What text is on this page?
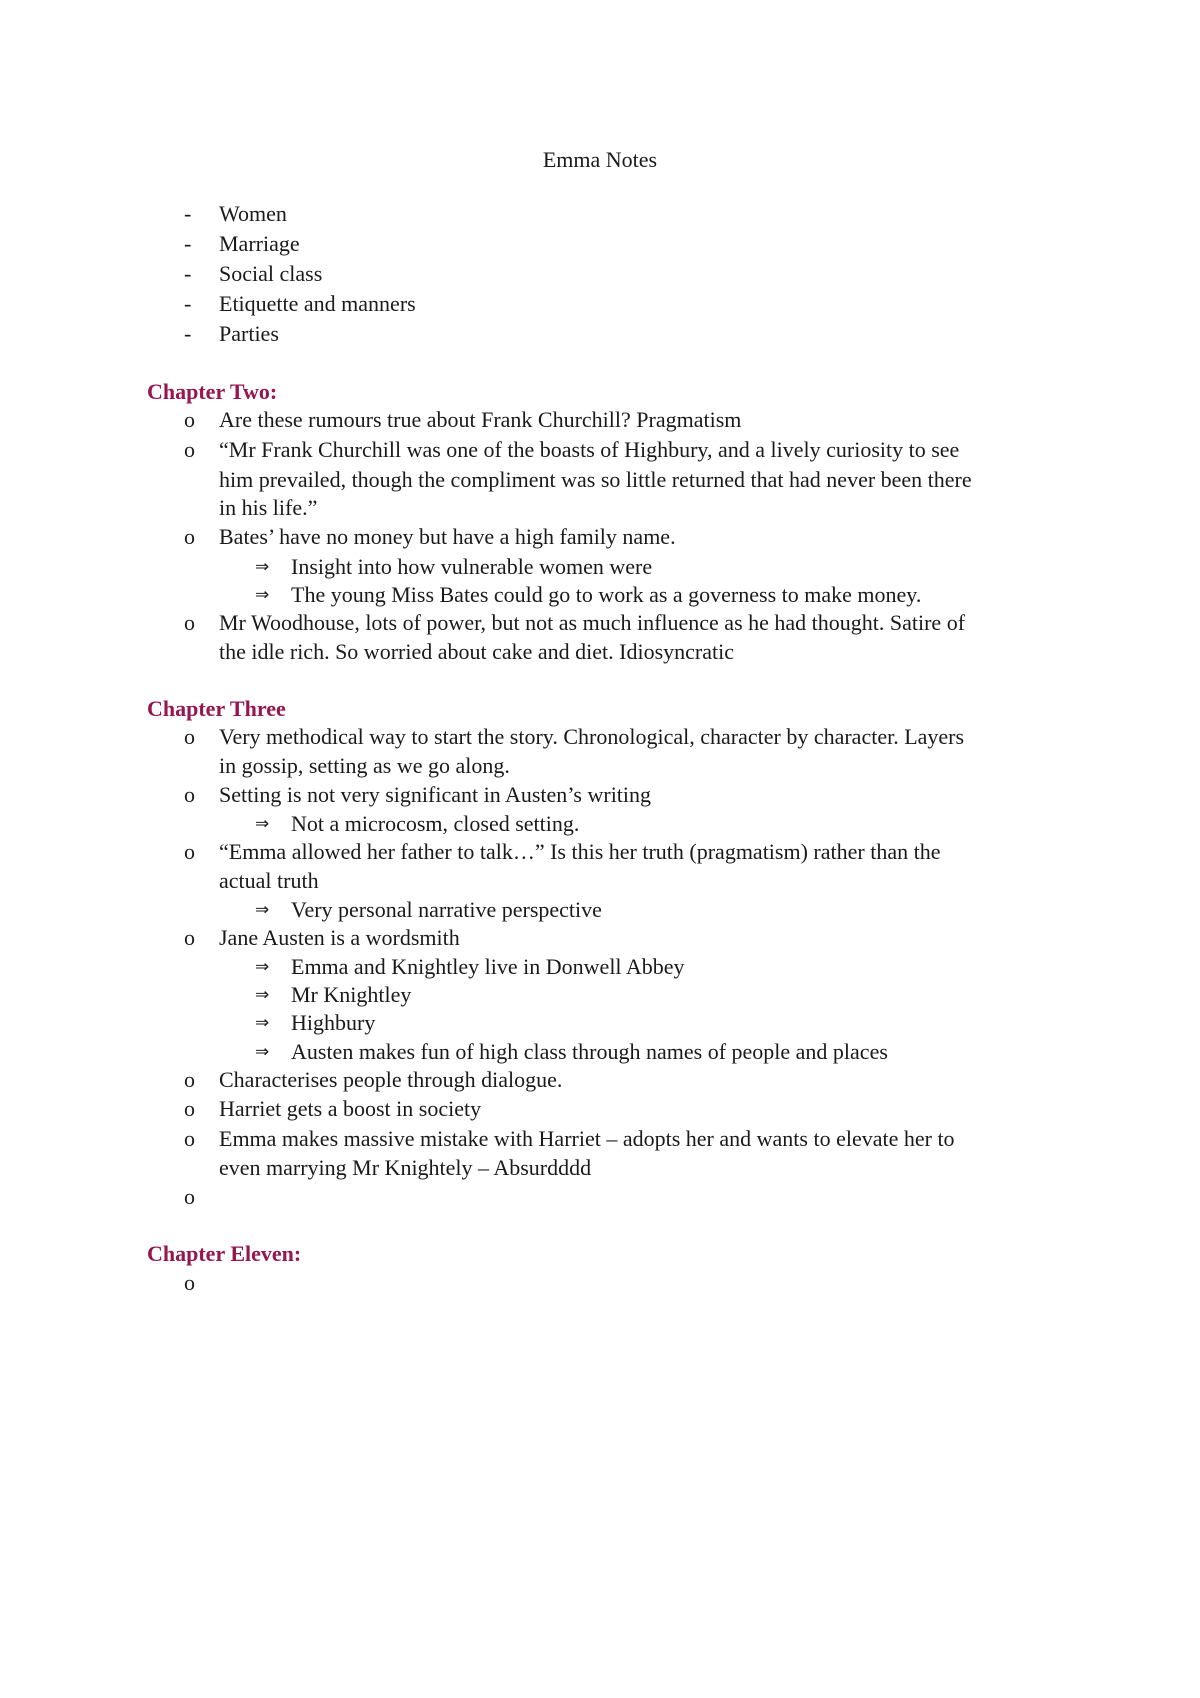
Emma Notes
- Women
- Marriage
- Social class
- Etiquette and manners
- Parties
Chapter Two:
o Are these rumours true about Frank Churchill? Pragmatism
o “Mr Frank Churchill was one of the boasts of Highbury, and a lively curiosity to see
him prevailed, though the compliment was so little returned that had never been there
in his life.”
o Bates’ have no money but have a high family name.
⇒ Insight into how vulnerable women were
⇒ The young Miss Bates could go to work as a governess to make money.
o Mr Woodhouse, lots of power, but not as much influence as he had thought. Satire of
the idle rich. So worried about cake and diet. Idiosyncratic
Chapter Three
o Very methodical way to start the story. Chronological, character by character. Layers
in gossip, setting as we go along.
o Setting is not very significant in Austen’s writing
⇒ Not a microcosm, closed setting.
o “Emma allowed her father to talk…” Is this her truth (pragmatism) rather than the
actual truth
⇒ Very personal narrative perspective
o Jane Austen is a wordsmith
⇒ Emma and Knightley live in Donwell Abbey
⇒ Mr Knightley
⇒ Highbury
⇒ Austen makes fun of high class through names of people and places
o Characterises people through dialogue.
o Harriet gets a boost in society
o Emma makes massive mistake with Harriet – adopts her and wants to elevate her to
even marrying Mr Knightely – Absurdddd
o
Chapter Eleven:
o
